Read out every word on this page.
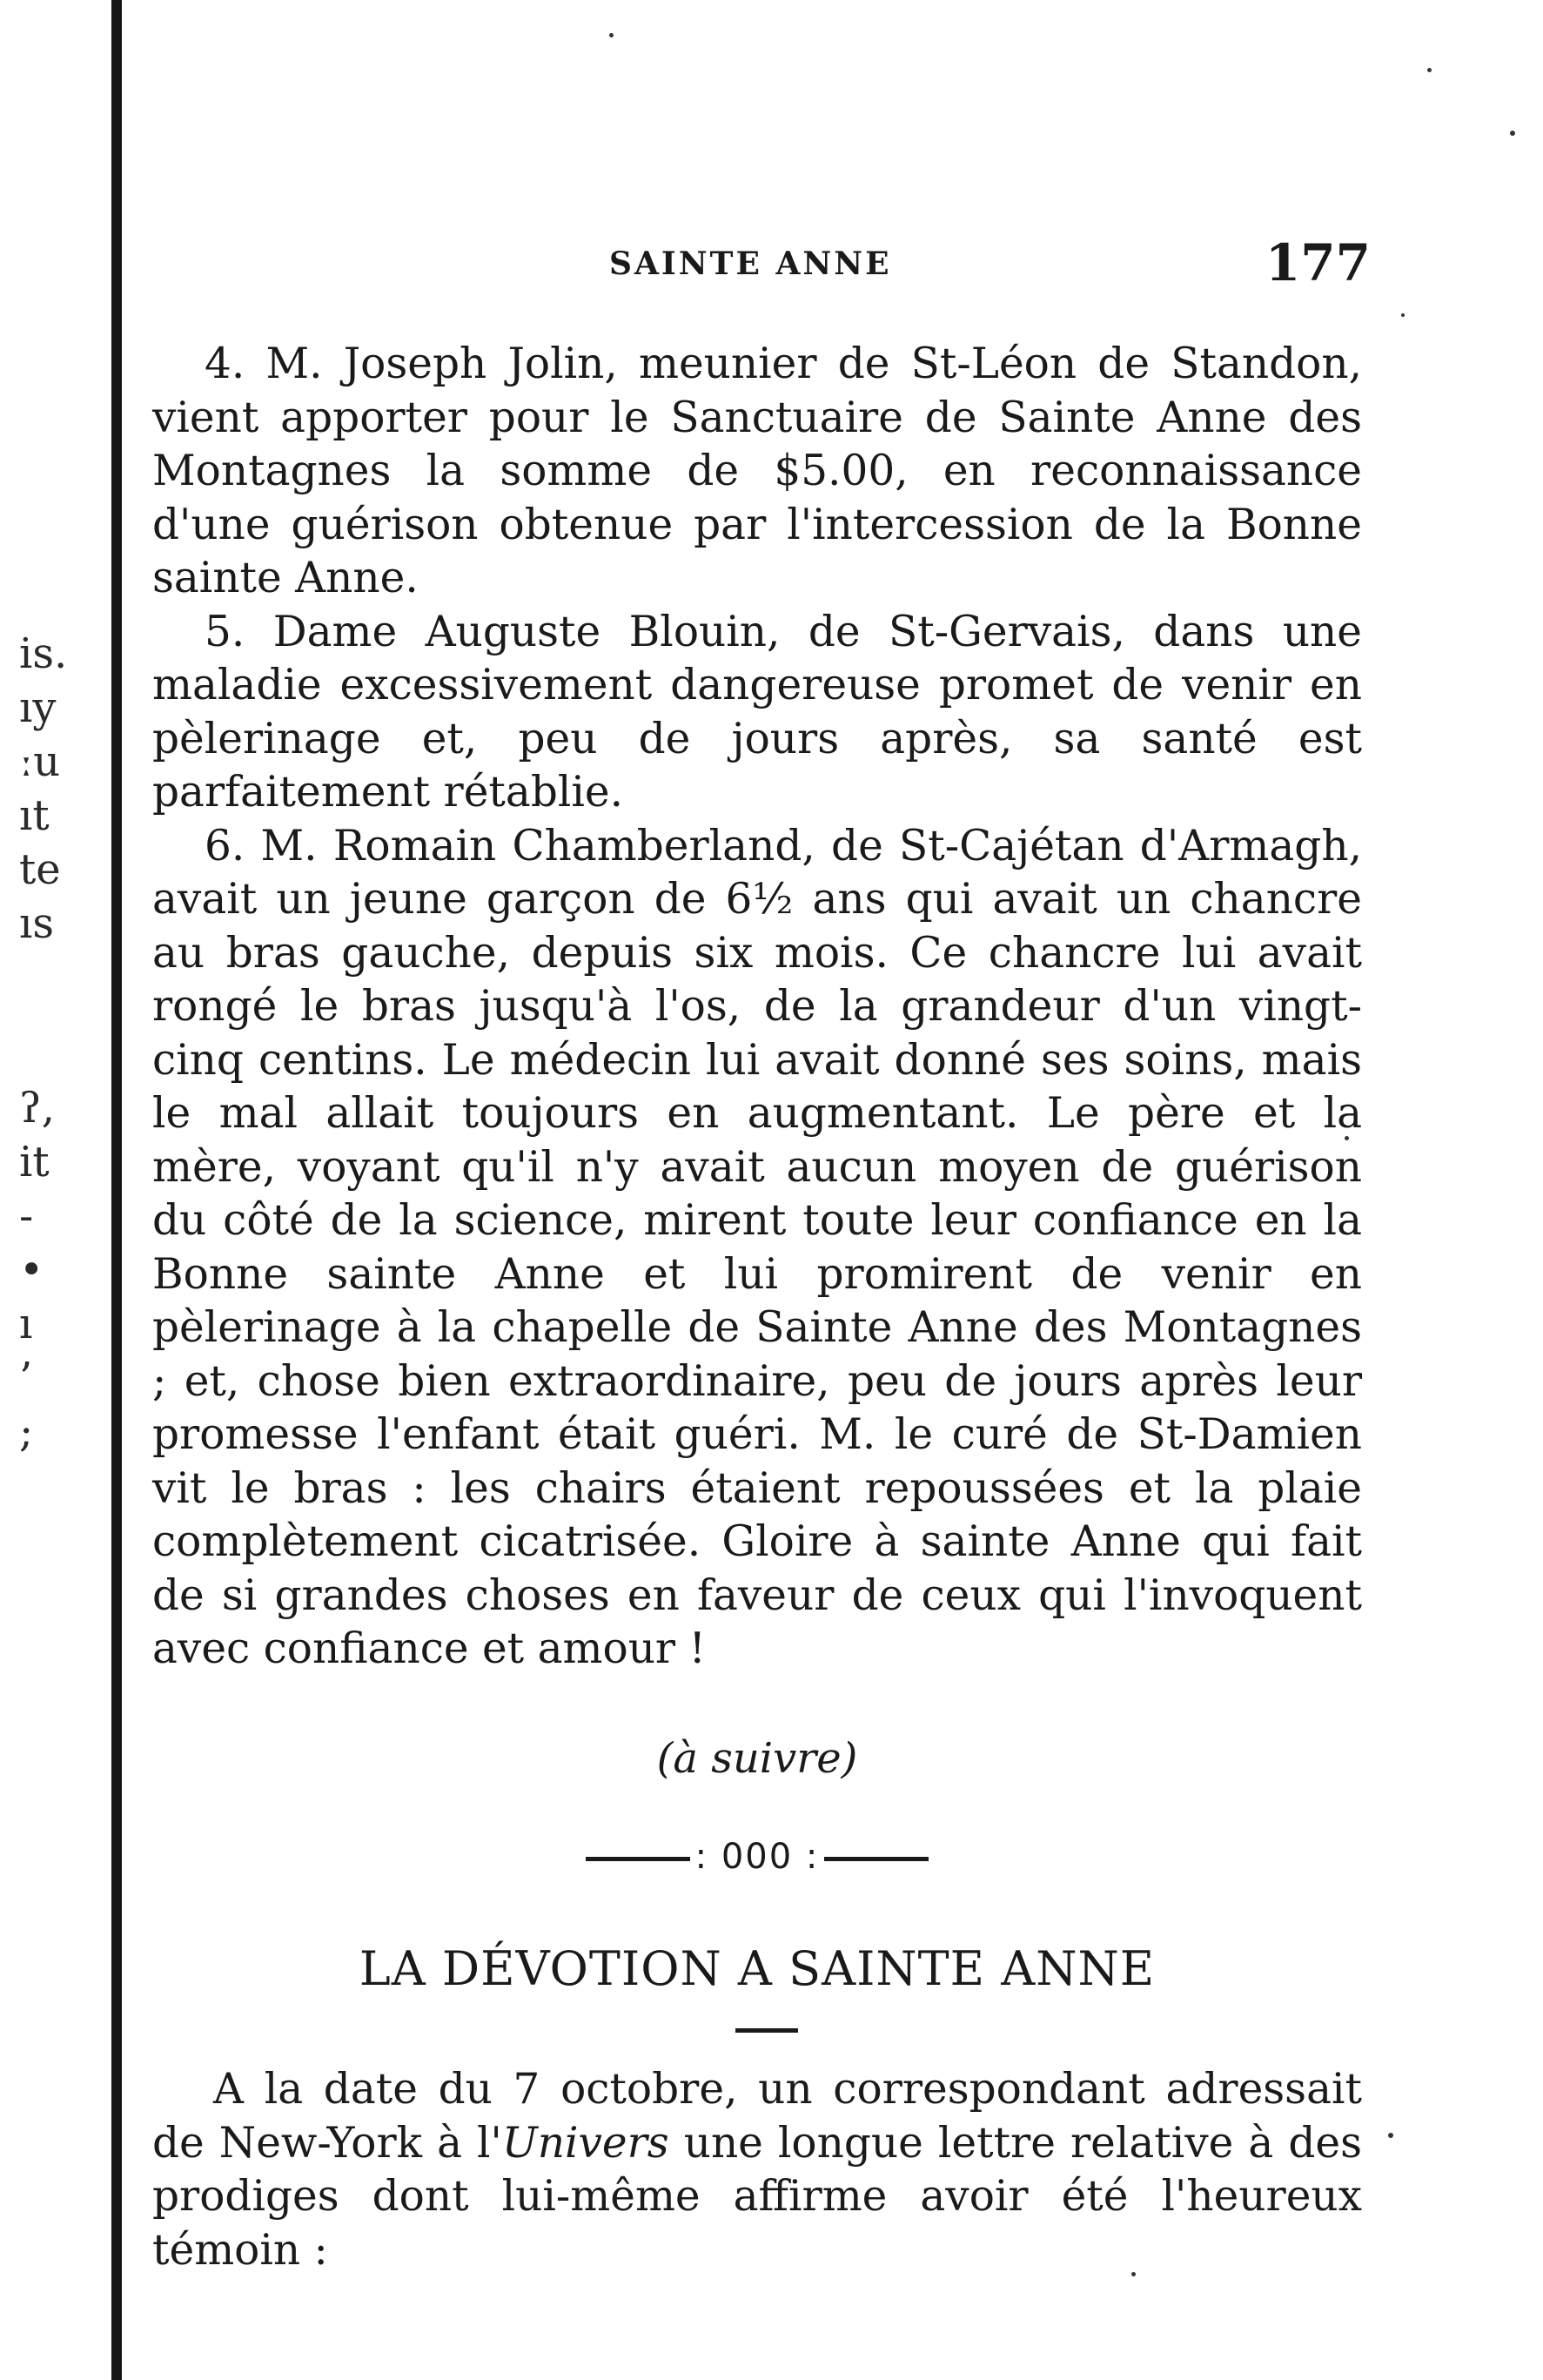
is.
ıy
ːu
ıt
te
ıs
ʔ,
it
-
•
ı
’
;
SAINTE ANNE	177

4. M. Joseph Jolin, meunier de St-Léon de Standon, vient apporter pour le Sanctuaire de Sainte Anne des Montagnes la somme de $5.00, en reconnaissance d'une guérison obtenue par l'intercession de la Bonne sainte Anne.

5. Dame Auguste Blouin, de St-Gervais, dans une maladie excessivement dangereuse promet de venir en pèlerinage et, peu de jours après, sa santé est parfaitement rétablie.

6. M. Romain Chamberland, de St-Cajétan d'Armagh, avait un jeune garçon de 6½ ans qui avait un chancre au bras gauche, depuis six mois. Ce chancre lui avait rongé le bras jusqu'à l'os, de la grandeur d'un vingt-cinq centins. Le médecin lui avait donné ses soins, mais le mal allait toujours en augmentant. Le père et la mère, voyant qu'il n'y avait aucun moyen de guérison du côté de la science, mirent toute leur confiance en la Bonne sainte Anne et lui promirent de venir en pèlerinage à la chapelle de Sainte Anne des Montagnes ; et, chose bien extraordinaire, peu de jours après leur promesse l'enfant était guéri. M. le curé de St-Damien vit le bras : les chairs étaient repoussées et la plaie complètement cicatrisée. Gloire à sainte Anne qui fait de si grandes choses en faveur de ceux qui l'invoquent avec confiance et amour !

(à suivre)
: 000 :
LA DÉVOTION A SAINTE ANNE

A la date du 7 octobre, un correspondant adressait de New-York à l'Univers une longue lettre relative à des prodiges dont lui-même affirme avoir été l'heureux témoin :
